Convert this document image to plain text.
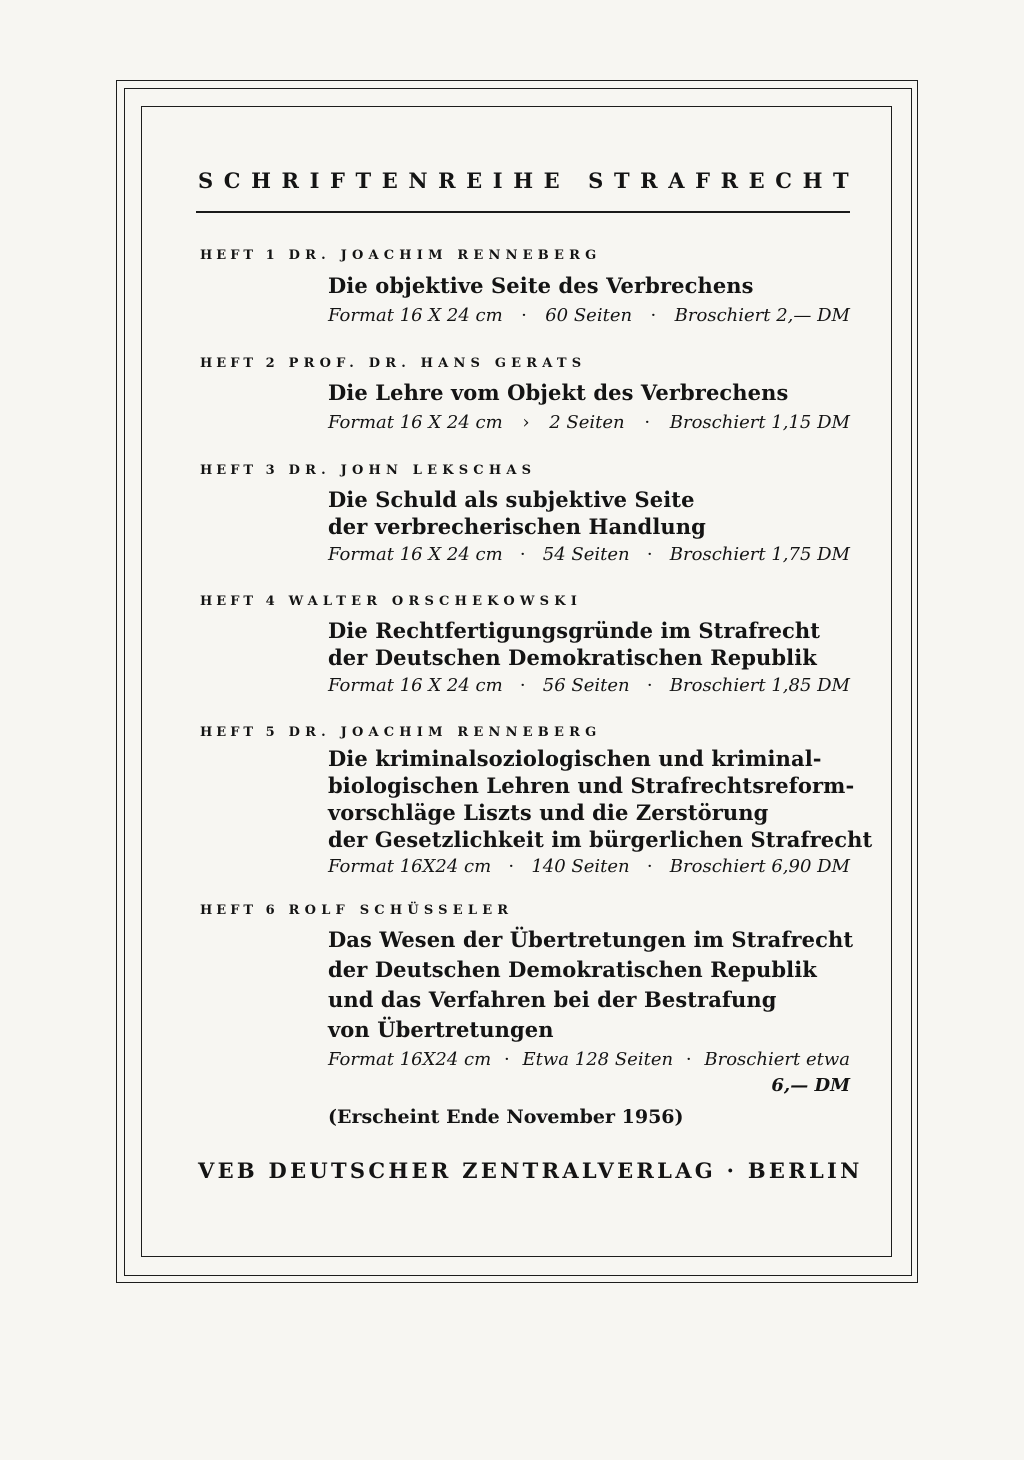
SCHRIFTENREIHE STRAFRECHT
HEFT 1 DR. JOACHIM RENNEBERG
Die objektive Seite des Verbrechens
Format 16 X 24 cm · 60 Seiten · Broschiert 2,— DM
HEFT 2 PROF. DR. HANS GERATS
Die Lehre vom Objekt des Verbrechens
Format 16 X 24 cm › 2 Seiten · Broschiert 1,15 DM
HEFT 3 DR. JOHN LEKSCHAS
Die Schuld als subjektive Seite
der verbrecherischen Handlung
Format 16 X 24 cm · 54 Seiten · Broschiert 1,75 DM
HEFT 4 WALTER ORSCHEKOWSKI
Die Rechtfertigungsgründe im Strafrecht
der Deutschen Demokratischen Republik
Format 16 X 24 cm · 56 Seiten · Broschiert 1,85 DM
HEFT 5 DR. JOACHIM RENNEBERG
Die kriminalsoziologischen und kriminal-
biologischen Lehren und Strafrechtsreform-
vorschläge Liszts und die Zerstörung
der Gesetzlichkeit im bürgerlichen Strafrecht
Format 16X24 cm · 140 Seiten · Broschiert 6,90 DM
HEFT 6 ROLF SCHÜSSELER
Das Wesen der Übertretungen im Strafrecht
der Deutschen Demokratischen Republik
und das Verfahren bei der Bestrafung
von Übertretungen
Format 16X24 cm · Etwa 128 Seiten · Broschiert etwa
6,— DM
(Erscheint Ende November 1956)
VEB DEUTSCHER ZENTRALVERLAG · BERLIN
